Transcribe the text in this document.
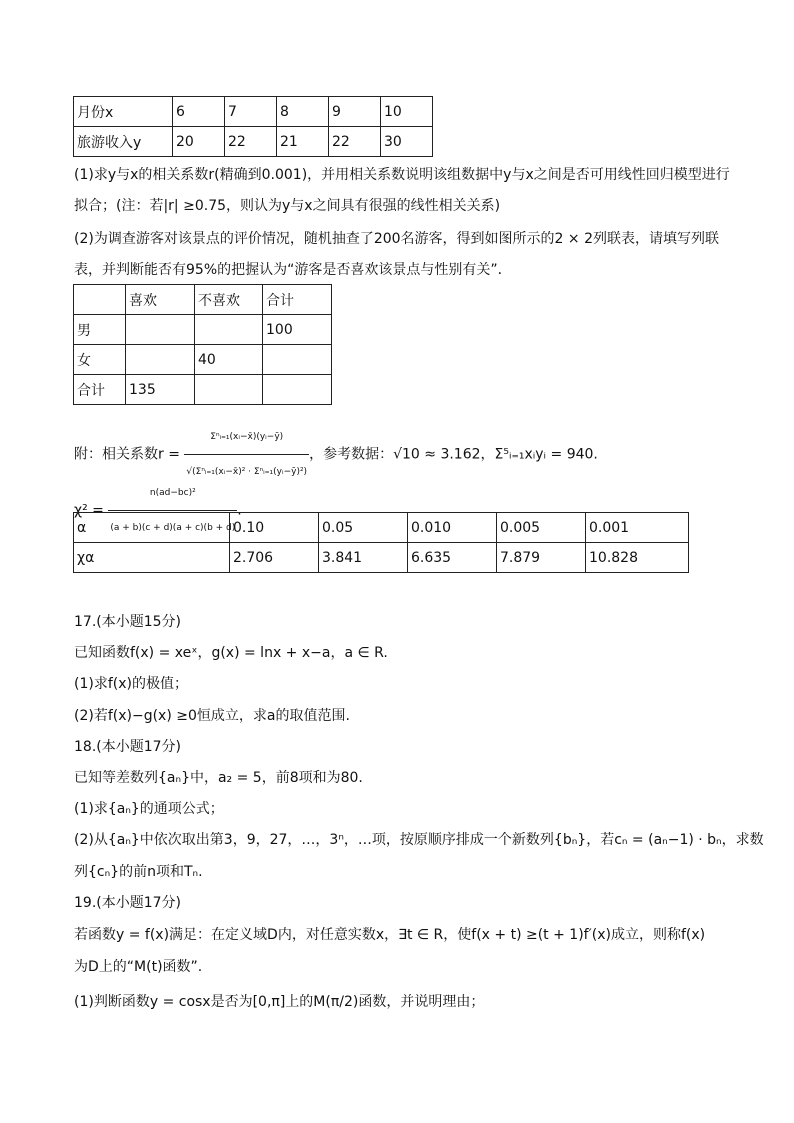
月份x	6	7	8	9	10
旅游收入y	20	22	21	22	30
(1)求y与x的相关系数r(精确到0.001)，并用相关系数说明该组数据中y与x之间是否可用线性回归模型进行
拟合；(注：若|r| ≥0.75，则认为y与x之间具有很强的线性相关关系)
(2)为调查游客对该景点的评价情况，随机抽查了200名游客，得到如图所示的2 × 2列联表，请填写列联
表，并判断能否有95%的把握认为“游客是否喜欢该景点与性别有关”．
	喜欢	不喜欢	合计
男			100
女		40	
合计	135		
附：相关系数$r = \frac{\text{Σⁿᵢ₌₁(xᵢ−x̄)(yᵢ−ȳ)}}{\text{√(Σⁿᵢ₌₁(xᵢ−x̄)² · Σⁿᵢ₌₁(yᵢ−ȳ)²)}}$ ，参考数据：√10 ≈ 3.162，Σ⁵ᵢ₌₁xᵢyᵢ = 940.
$\chi^2 = \frac{\text{n(ad−bc)²}}{(a + b)(c + d)(a + c)(b + d)}$ .
α	0.10	0.05	0.010	0.005	0.001
χα	2.706	3.841	6.635	7.879	10.828
17.(本小题15分)
已知函数f(x) = xeˣ，g(x) = lnx + x−a，a ∈ R.
(1)求f(x)的极值；
(2)若f(x)−g(x) ≥0恒成立，求a的取值范围.
18.(本小题17分)
已知等差数列{aₙ}中，a₂ = 5，前8项和为80.
(1)求{aₙ}的通项公式；
(2)从{aₙ}中依次取出第3，9，27，…，3ⁿ，…项，按原顺序排成一个新数列{bₙ}，若cₙ = (aₙ−1) · bₙ，求数
列{cₙ}的前n项和Tₙ.
19.(本小题17分)
若函数y = f(x)满足：在定义域D内，对任意实数x，∃t ∈ R，使f(x + t) ≥(t + 1)f′(x)成立，则称f(x)
为D上的“M(t)函数”.
(1)判断函数y = cosx是否为[0,π]上的M(π/2)函数，并说明理由；
